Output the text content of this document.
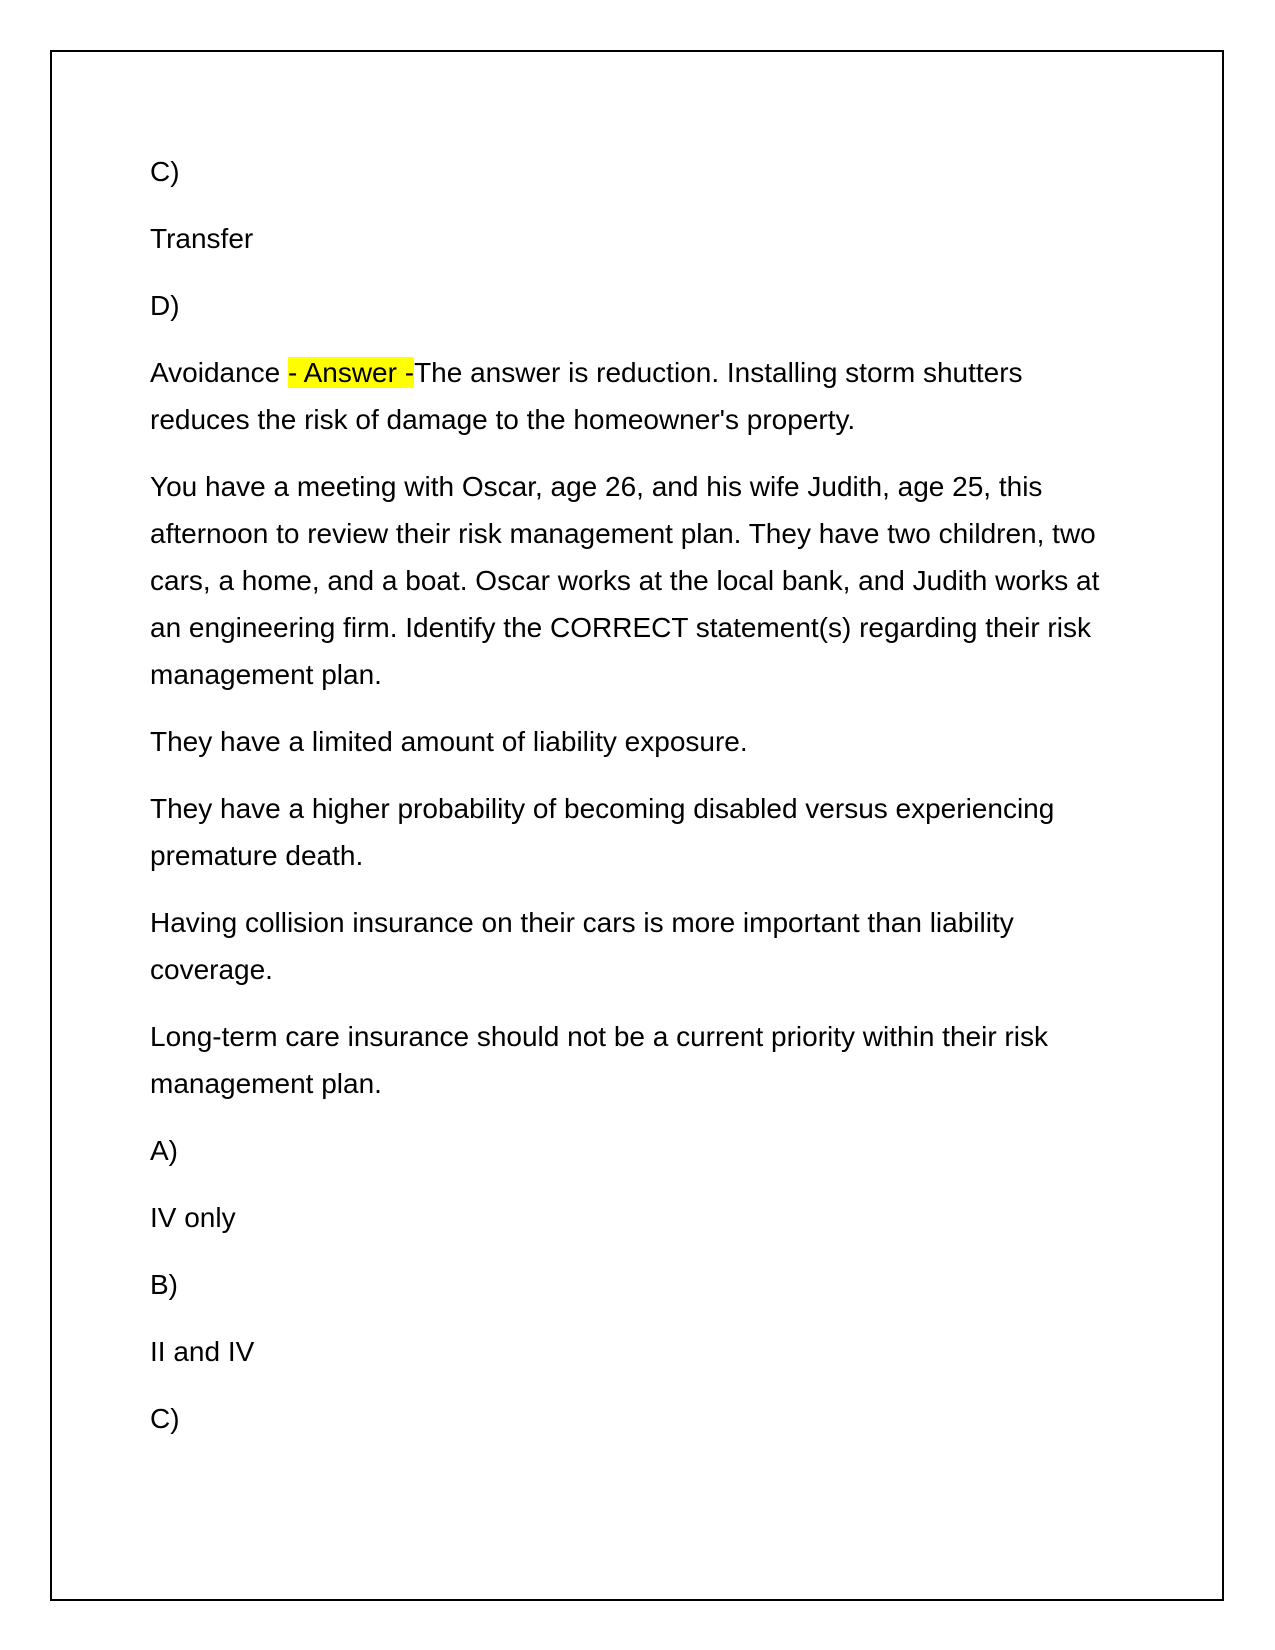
C)

Transfer

D)

Avoidance - Answer -The answer is reduction. Installing storm shutters reduces the risk of damage to the homeowner's property.

You have a meeting with Oscar, age 26, and his wife Judith, age 25, this afternoon to review their risk management plan. They have two children, two cars, a home, and a boat. Oscar works at the local bank, and Judith works at an engineering firm. Identify the CORRECT statement(s) regarding their risk management plan.

They have a limited amount of liability exposure.

They have a higher probability of becoming disabled versus experiencing premature death.

Having collision insurance on their cars is more important than liability coverage.

Long-term care insurance should not be a current priority within their risk management plan.

A)

IV only

B)

II and IV

C)
